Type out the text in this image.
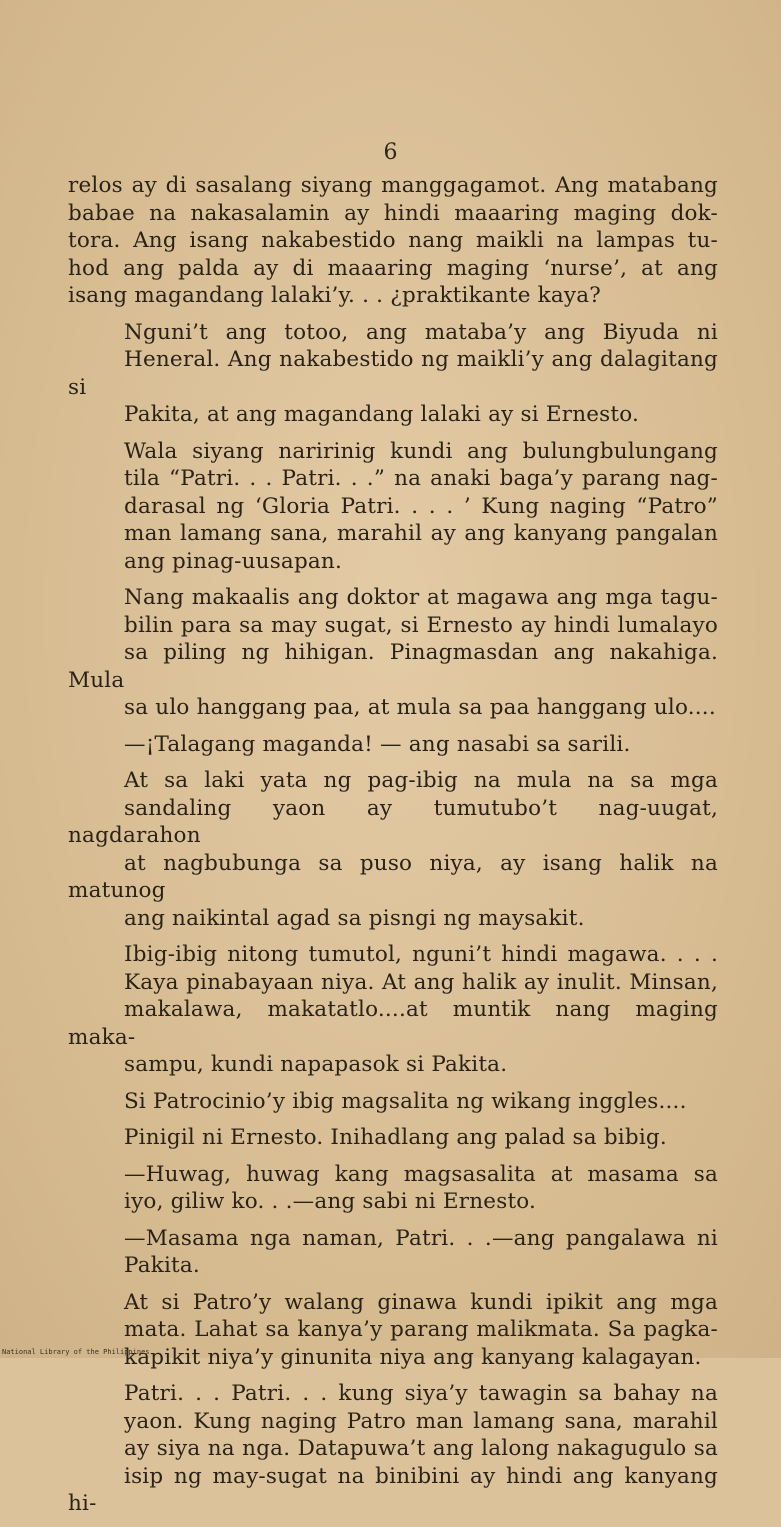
6

relos ay di sasalang siyang manggagamot. Ang matabang
babae na nakasalamin ay hindi maaaring maging dok-
tora. Ang isang nakabestido nang maikli na lampas tu-
hod ang palda ay di maaaring maging ‘nurse’, at ang
isang magandang lalaki’y. . . ¿praktikante kaya?

Nguni’t ang totoo, ang mataba’y ang Biyuda ni
Heneral. Ang nakabestido ng maikli’y ang dalagitang si
Pakita, at ang magandang lalaki ay si Ernesto.

Wala siyang naririnig kundi ang bulungbulungang
tila “Patri. . . Patri. . .” na anaki baga’y parang nag-
darasal ng ‘Gloria Patri. . . . ’ Kung naging “Patro”
man lamang sana, marahil ay ang kanyang pangalan
ang pinag-uusapan.

Nang makaalis ang doktor at magawa ang mga tagu-
bilin para sa may sugat, si Ernesto ay hindi lumalayo
sa piling ng hihigan. Pinagmasdan ang nakahiga. Mula
sa ulo hanggang paa, at mula sa paa hanggang ulo....

—¡Talagang maganda! — ang nasabi sa sarili.

At sa laki yata ng pag-ibig na mula na sa mga
sandaling yaon ay tumutubo’t nag-uugat, nagdarahon
at nagbubunga sa puso niya, ay isang halik na matunog
ang naikintal agad sa pisngi ng maysakit.

Ibig-ibig nitong tumutol, nguni’t hindi magawa. . . .
Kaya pinabayaan niya. At ang halik ay inulit. Minsan,
makalawa, makatatlo....at muntik nang maging maka-
sampu, kundi napapasok si Pakita.

Si Patrocinio’y ibig magsalita ng wikang inggles....

Pinigil ni Ernesto. Inihadlang ang palad sa bibig.

—Huwag, huwag kang magsasalita at masama sa
iyo, giliw ko. . .—ang sabi ni Ernesto.

—Masama nga naman, Patri. . .—ang pangalawa ni
Pakita.

At si Patro’y walang ginawa kundi ipikit ang mga
mata. Lahat sa kanya’y parang malikmata. Sa pagka-
kapikit niya’y ginunita niya ang kanyang kalagayan.

Patri. . . Patri. . . kung siya’y tawagin sa bahay na
yaon. Kung naging Patro man lamang sana, marahil
ay siya na nga. Datapuwa’t ang lalong nakagugulo sa
isip ng may-sugat na binibini ay hindi ang kanyang hi-

National Library of the Philippines
